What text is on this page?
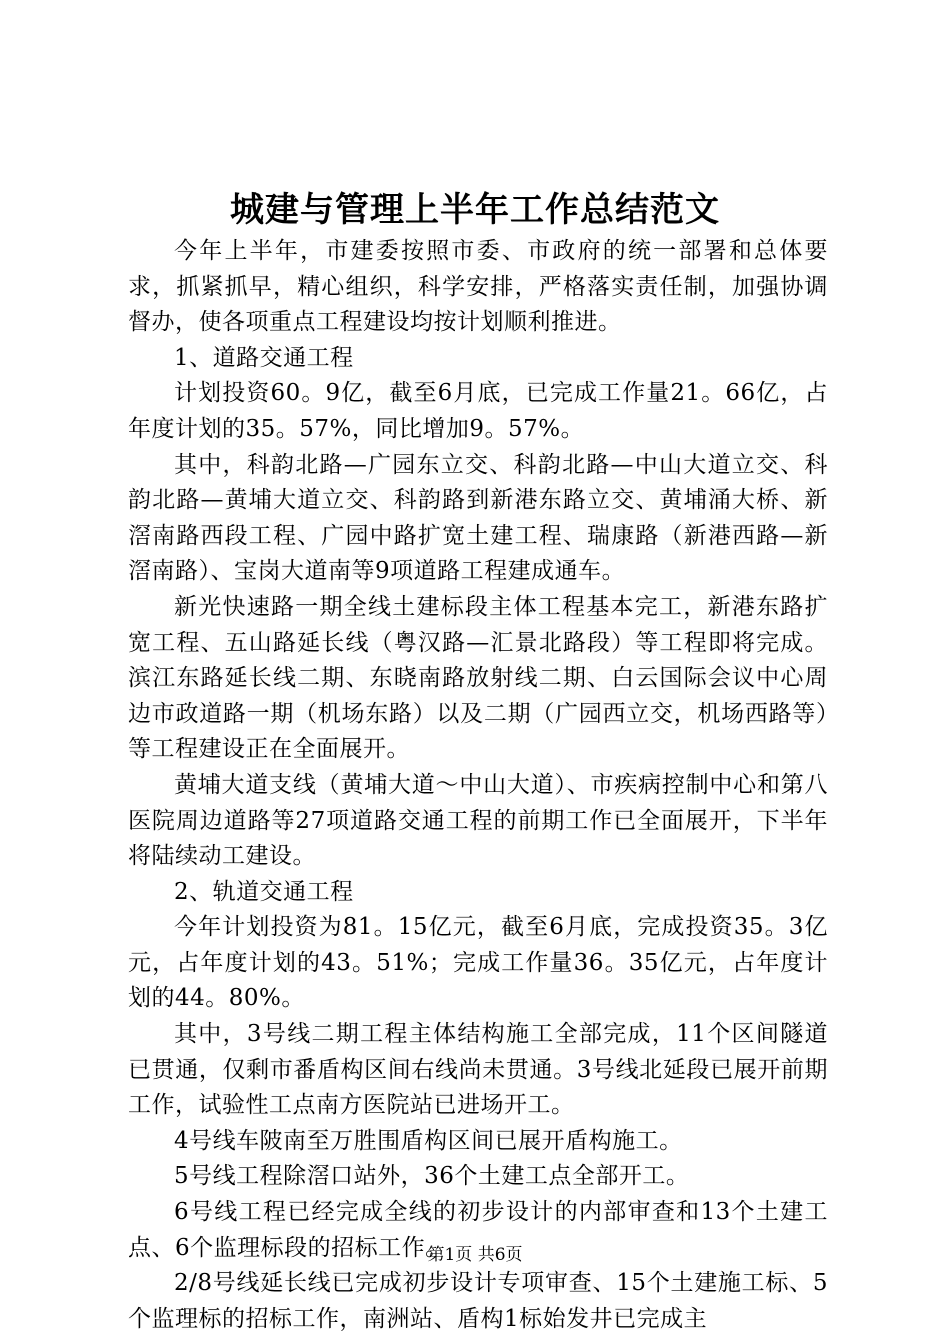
城建与管理上半年工作总结范文

今年上半年，市建委按照市委、市政府的统一部署和总体要求，抓紧抓早，精心组织，科学安排，严格落实责任制，加强协调督办，使各项重点工程建设均按计划顺利推进。

1、道路交通工程

计划投资60。9亿，截至6月底，已完成工作量21。66亿，占年度计划的35。57%，同比增加9。57%。

其中，科韵北路—广园东立交、科韵北路—中山大道立交、科韵北路—黄埔大道立交、科韵路到新港东路立交、黄埔涌大桥、新滘南路西段工程、广园中路扩宽土建工程、瑞康路（新港西路—新滘南路）、宝岗大道南等9项道路工程建成通车。

新光快速路一期全线土建标段主体工程基本完工，新港东路扩宽工程、五山路延长线（粤汉路—汇景北路段）等工程即将完成。滨江东路延长线二期、东晓南路放射线二期、白云国际会议中心周边市政道路一期（机场东路）以及二期（广园西立交，机场西路等）等工程建设正在全面展开。

黄埔大道支线（黄埔大道～中山大道）、市疾病控制中心和第八医院周边道路等27项道路交通工程的前期工作已全面展开，下半年将陆续动工建设。

2、轨道交通工程

今年计划投资为81。15亿元，截至6月底，完成投资35。3亿元，占年度计划的43。51%；完成工作量36。35亿元，占年度计划的44。80%。

其中，3号线二期工程主体结构施工全部完成，11个区间隧道已贯通，仅剩市番盾构区间右线尚未贯通。3号线北延段已展开前期工作，试验性工点南方医院站已进场开工。

4号线车陂南至万胜围盾构区间已展开盾构施工。

5号线工程除滘口站外，36个土建工点全部开工。

6号线工程已经完成全线的初步设计的内部审查和13个土建工点、6个监理标段的招标工作。

2/8号线延长线已完成初步设计专项审查、15个土建施工标、5个监理标的招标工作，南洲站、盾构1标始发井已完成主

第1页 共6页
